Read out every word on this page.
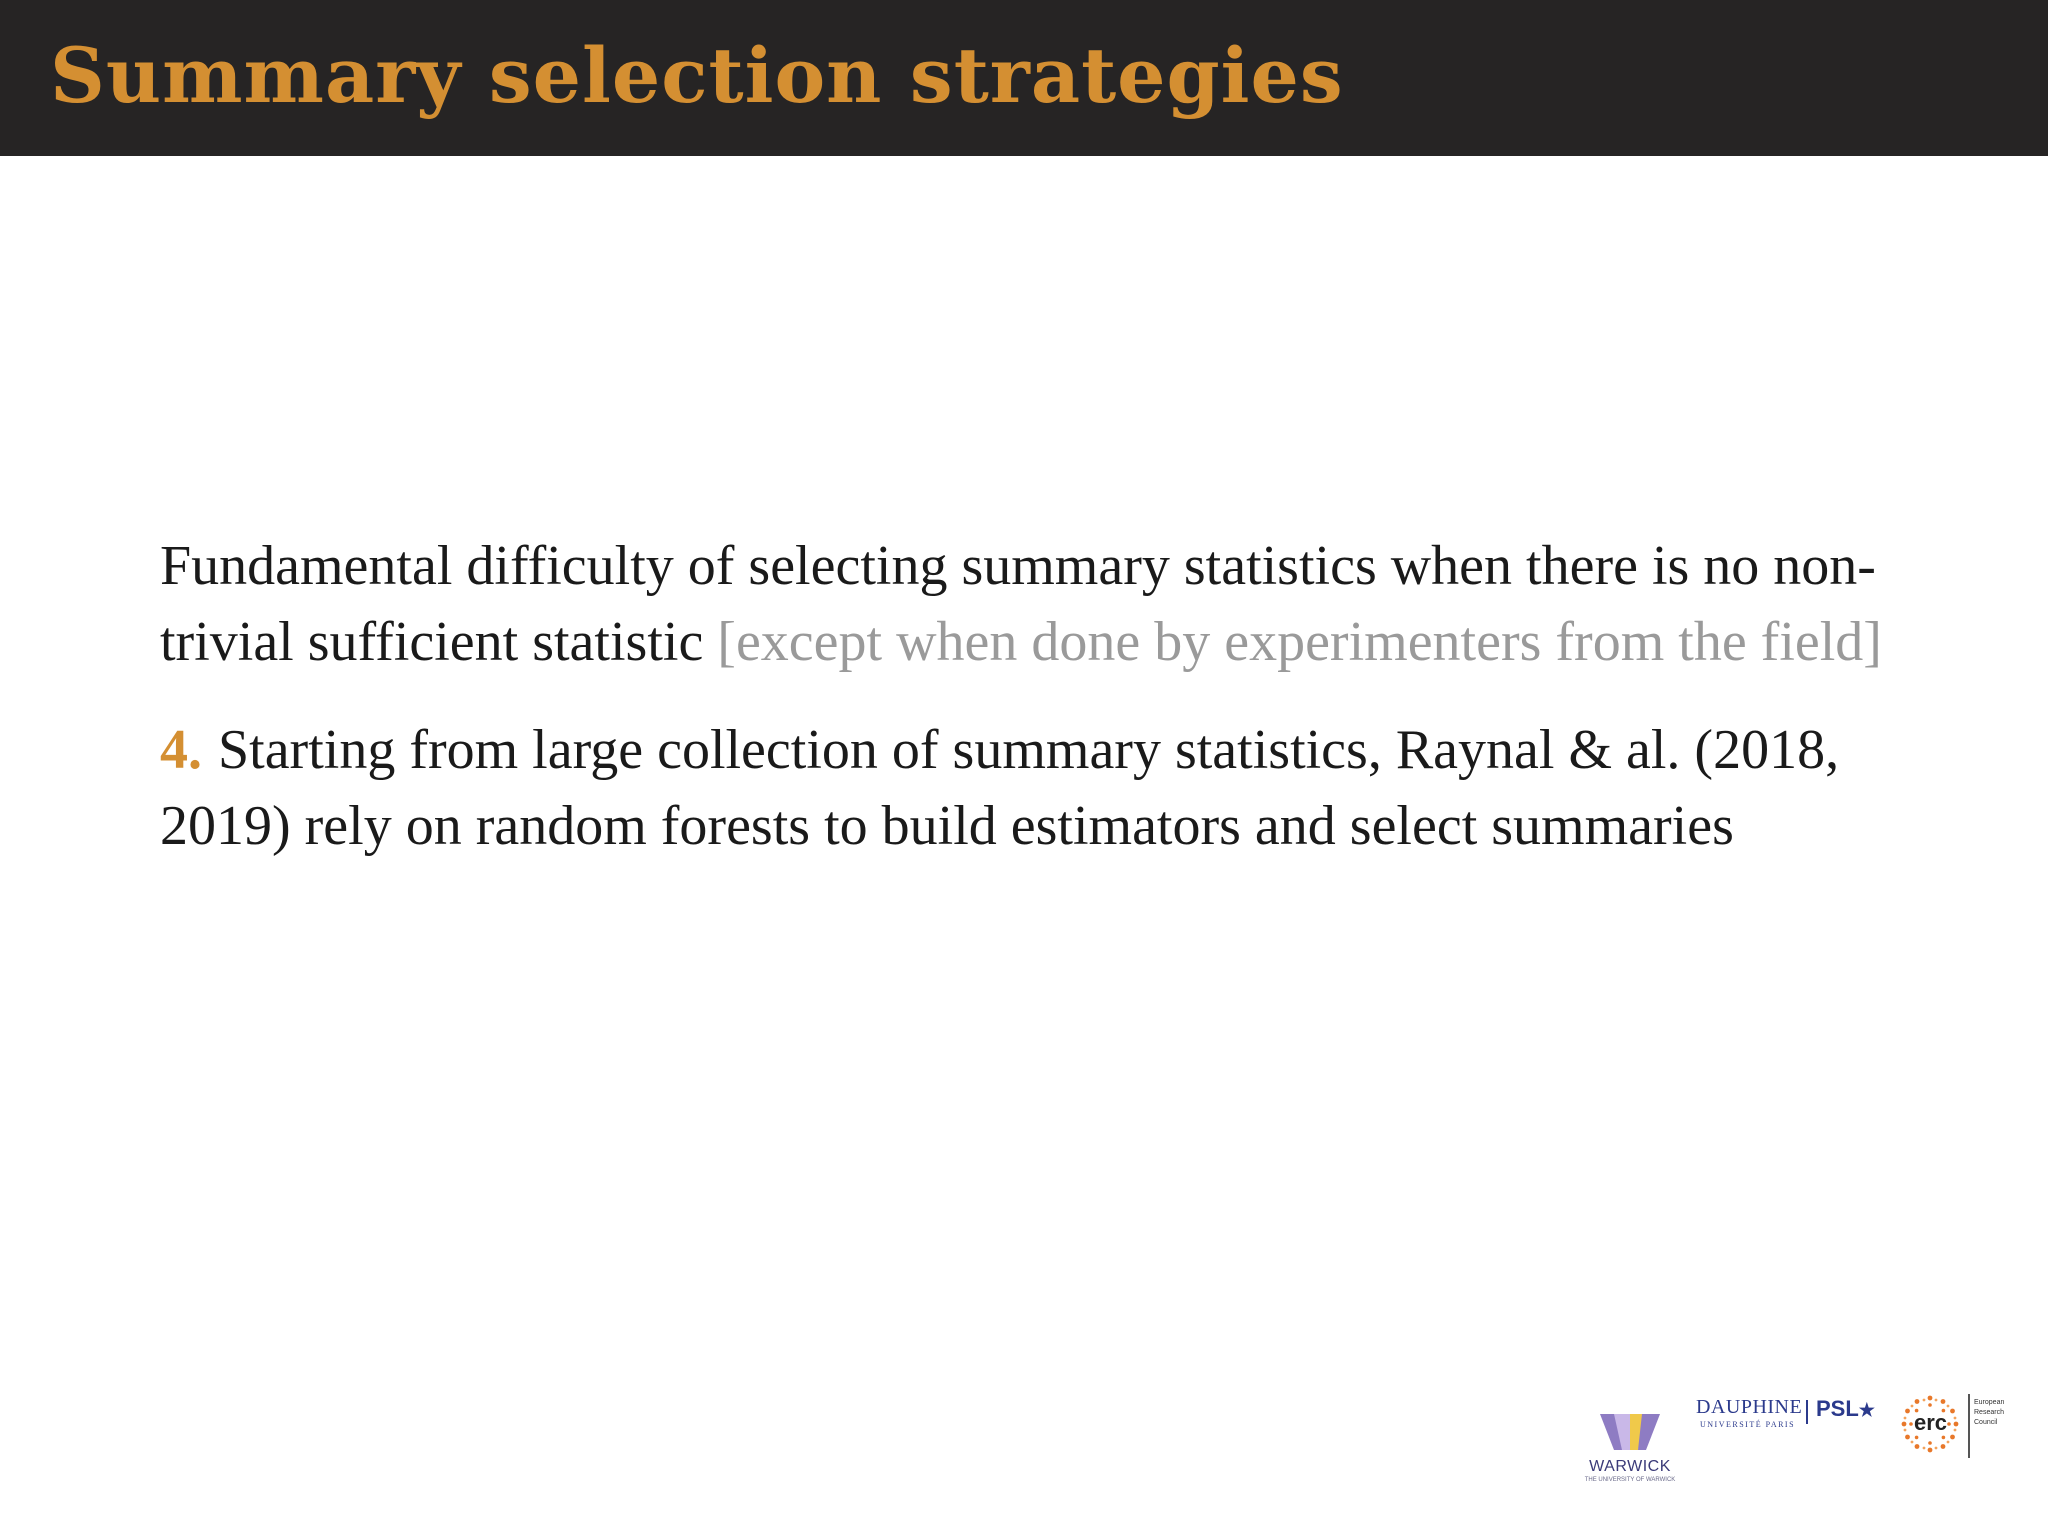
Summary selection strategies

Fundamental difficulty of selecting summary statistics when there is no non-trivial sufficient statistic [except when done by experimenters from the field]

4. Starting from large collection of summary statistics, Raynal & al. (2018, 2019) rely on random forests to build estimators and select summaries

WARWICK
THE UNIVERSITY OF WARWICK
DAUPHINE
UNIVERSITÉ PARIS
PSL★ erc
European
Research
Council
